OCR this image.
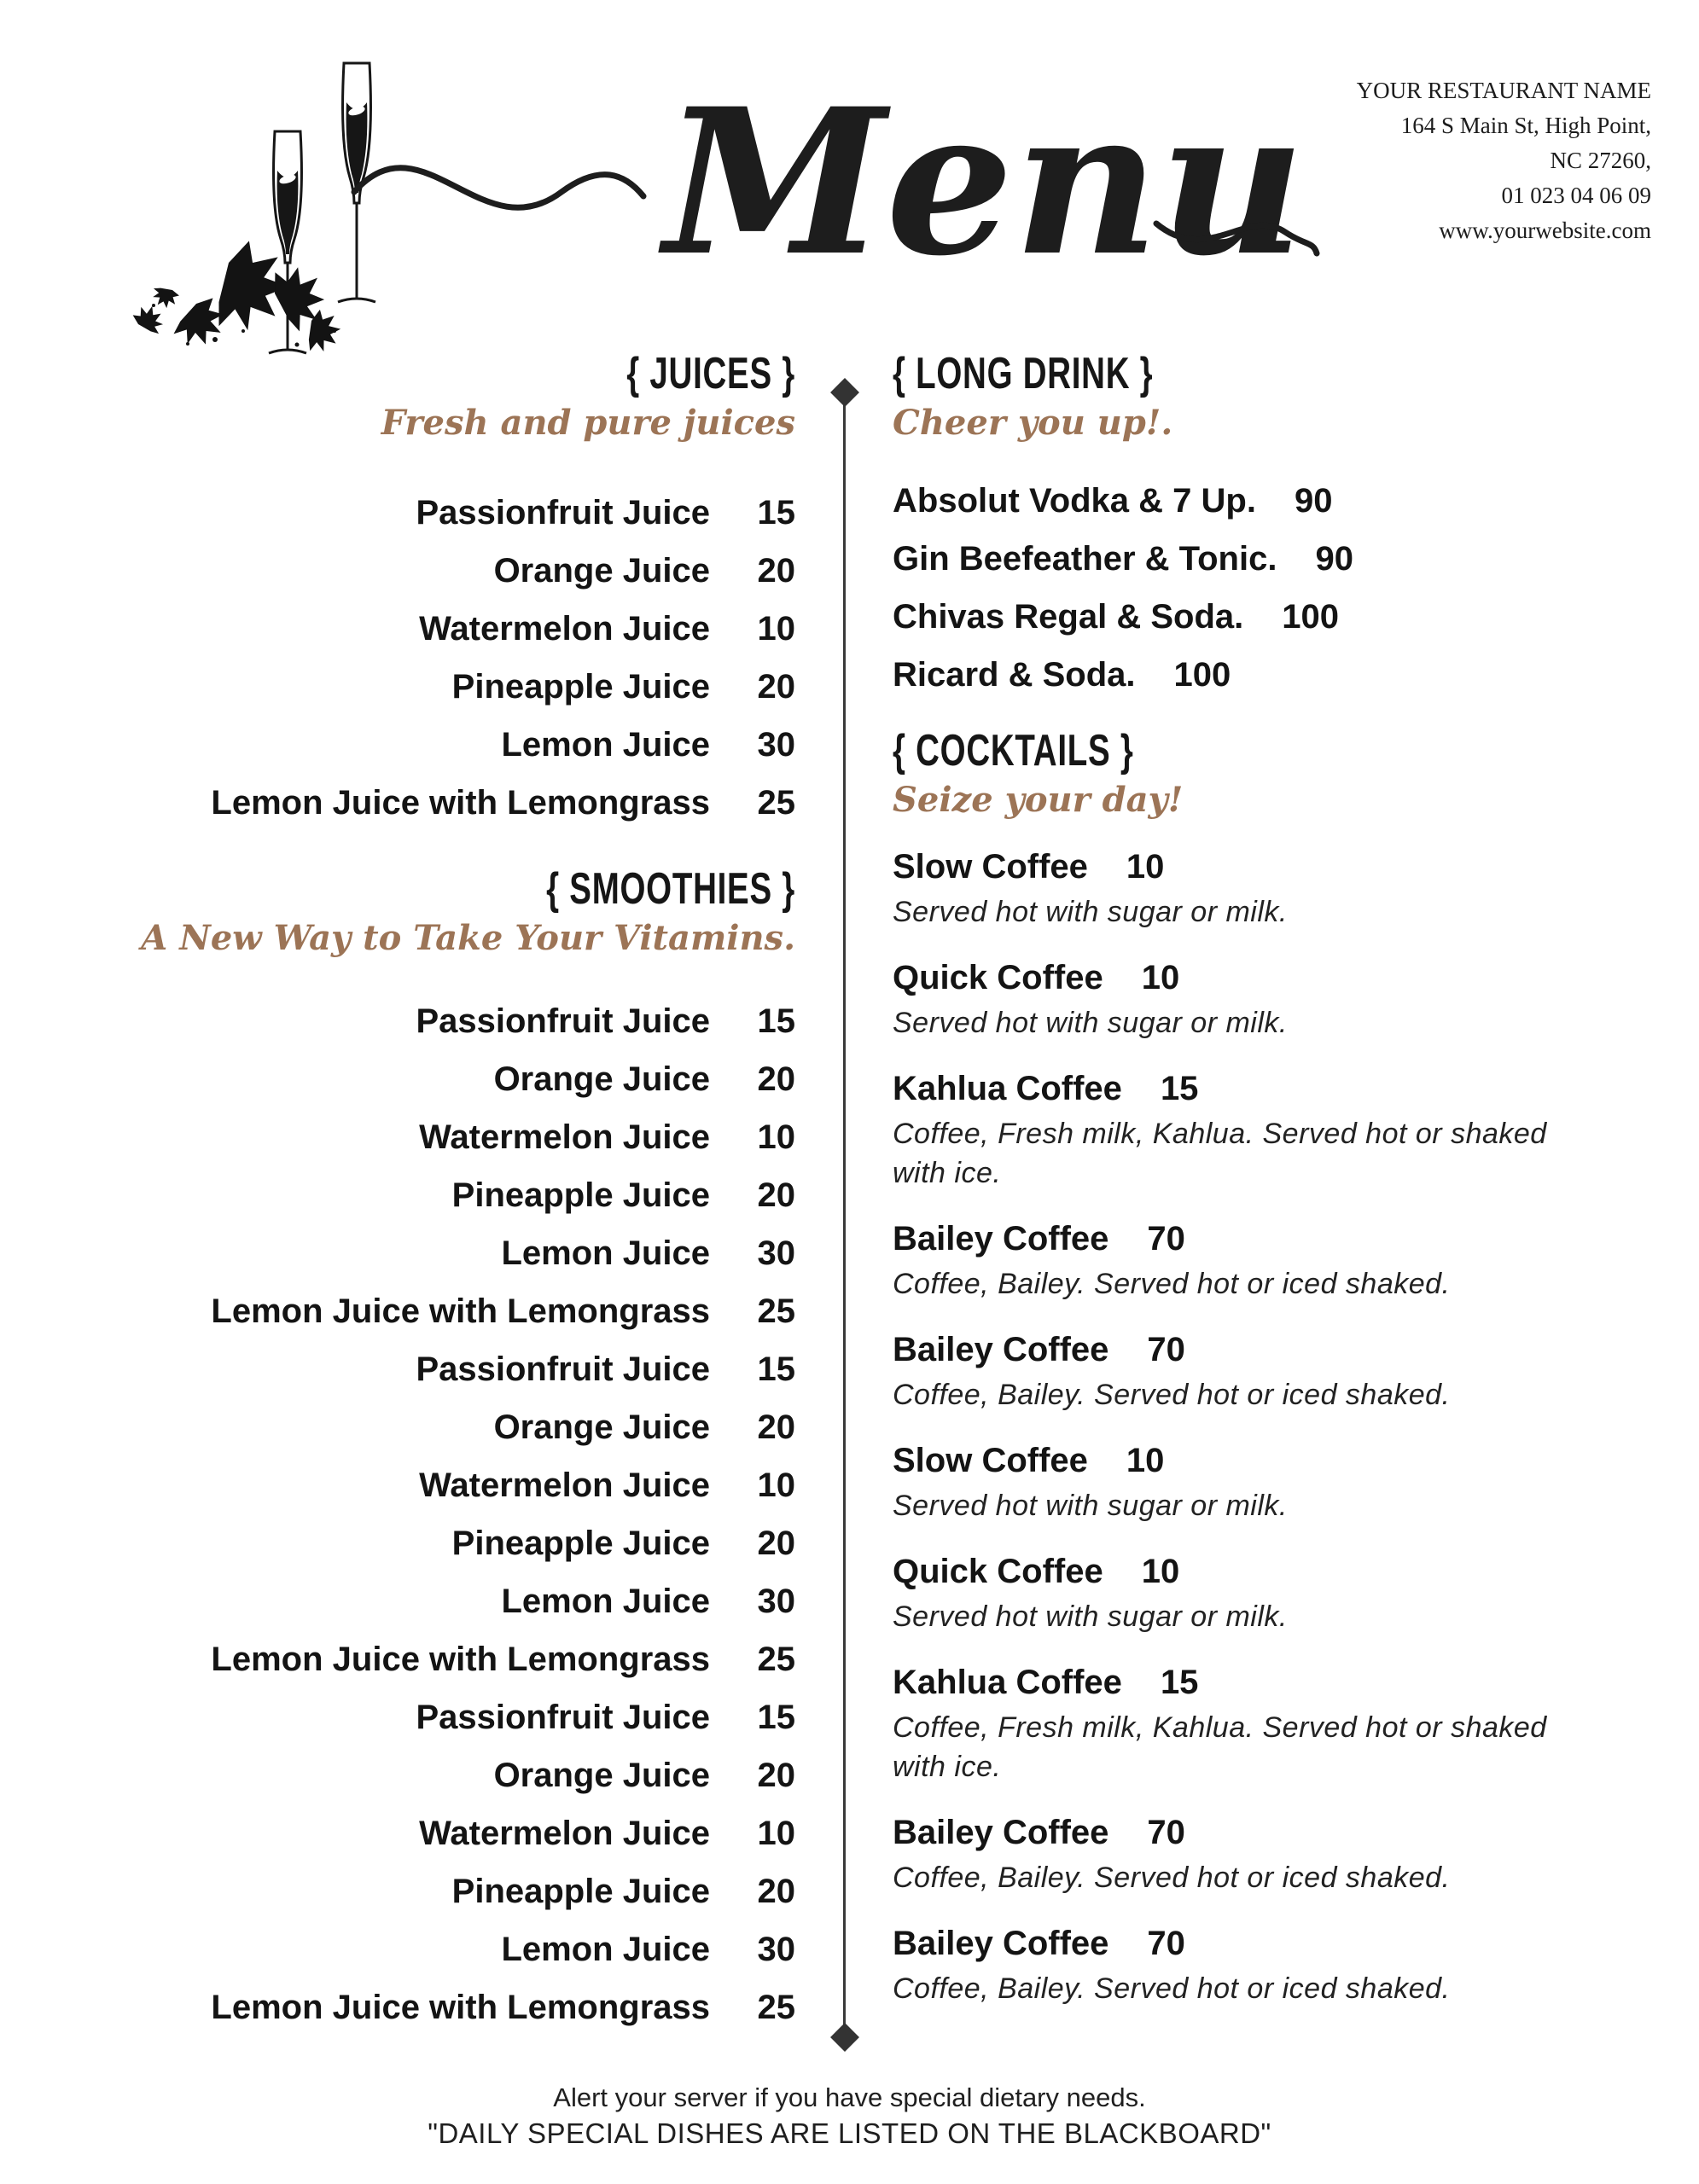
Menu YOUR RESTAURANT NAME
164 S Main St, High Point,
NC 27260,
01 023 04 06 09
www.yourwebsite.com
{ JUICES }
Fresh and pure juices
Passionfruit Juice	15
Orange Juice	20
Watermelon Juice	10
Pineapple Juice	20
Lemon Juice	30
Lemon Juice with Lemongrass	25
{ SMOOTHIES }
A New Way to Take Your Vitamins.
Passionfruit Juice	15
Orange Juice	20
Watermelon Juice	10
Pineapple Juice	20
Lemon Juice	30
Lemon Juice with Lemongrass	25
Passionfruit Juice	15
Orange Juice	20
Watermelon Juice	10
Pineapple Juice	20
Lemon Juice	30
Lemon Juice with Lemongrass	25
Passionfruit Juice	15
Orange Juice	20
Watermelon Juice	10
Pineapple Juice	20
Lemon Juice	30
Lemon Juice with Lemongrass	25
{ LONG DRINK }
Cheer you up!.
Absolut Vodka & 7 Up. 90
Gin Beefeather & Tonic. 90
Chivas Regal & Soda. 100
Ricard & Soda. 100
{ COCKTAILS }
Seize your day!
Slow Coffee 10
Served hot with sugar or milk.
Quick Coffee 10
Served hot with sugar or milk.
Kahlua Coffee 15
Coffee, Fresh milk, Kahlua. Served hot or shaked with ice.
Bailey Coffee 70
Coffee, Bailey. Served hot or iced shaked.
Bailey Coffee 70
Coffee, Bailey. Served hot or iced shaked.
Slow Coffee 10
Served hot with sugar or milk.
Quick Coffee 10
Served hot with sugar or milk.
Kahlua Coffee 15
Coffee, Fresh milk, Kahlua. Served hot or shaked with ice.
Bailey Coffee 70
Coffee, Bailey. Served hot or iced shaked.
Bailey Coffee 70
Coffee, Bailey. Served hot or iced shaked.
Alert your server if you have special dietary needs.
"DAILY SPECIAL DISHES ARE LISTED ON THE BLACKBOARD"
